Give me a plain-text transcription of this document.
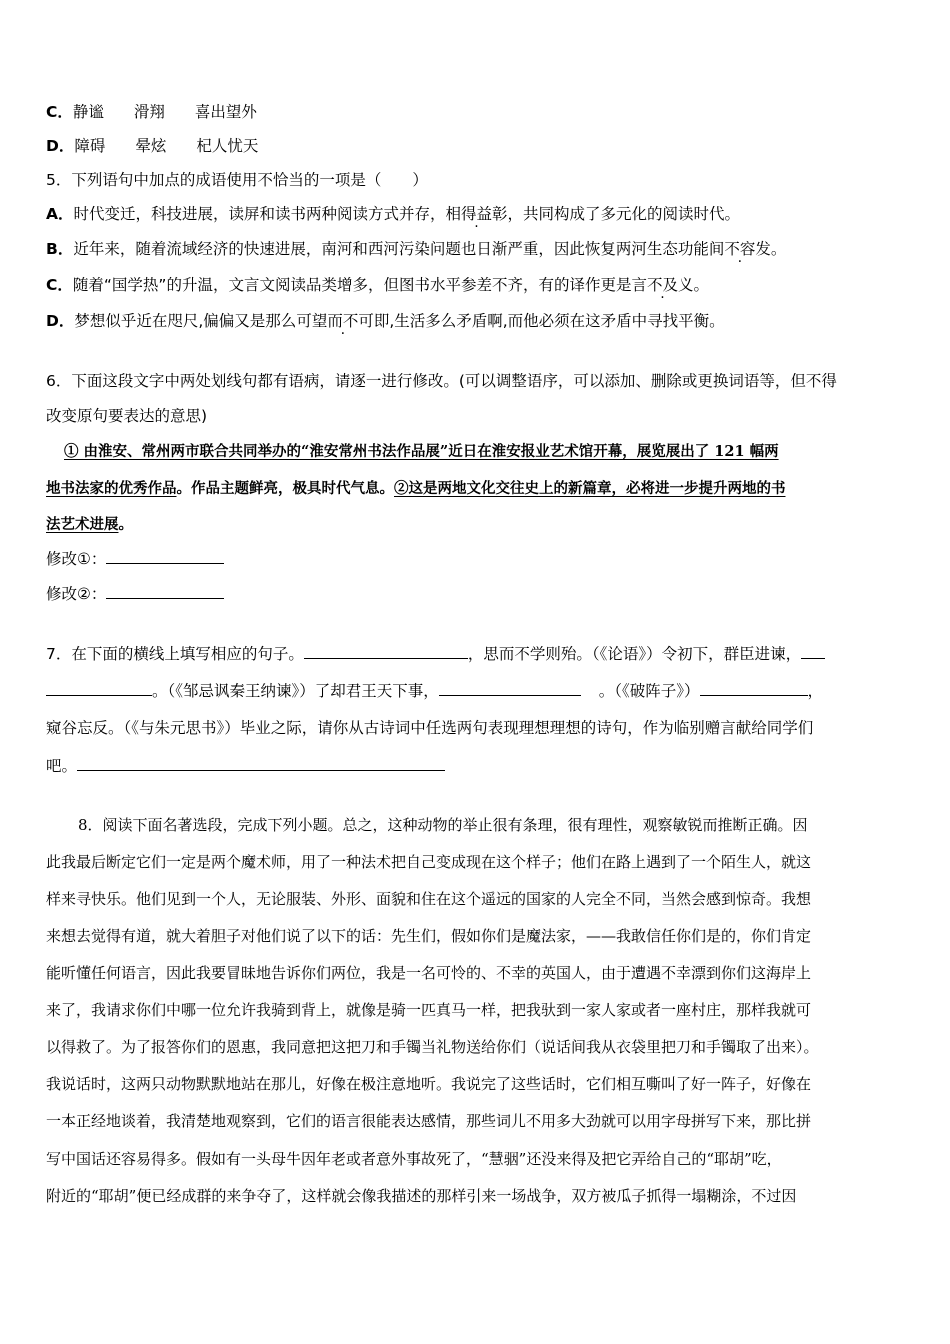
C．静谧 滑翔 喜出望外
D．障碍 晕炫 杞人忧天
5．下列语句中加点的成语使用不恰当的一项是（　　）
A．时代变迁，科技进展，读屏和读书两种阅读方式并存，相得益彰，共同构成了多元化的阅读时代。
B．近年来，随着流域经济的快速进展，南河和西河污染问题也日渐严重，因此恢复两河生态功能间不容发。
C．随着“国学热”的升温，文言文阅读品类增多，但图书水平参差不齐，有的译作更是言不及义。
D．梦想似乎近在咫尺,偏偏又是那么可望而不可即 ·,生活多么矛盾啊,而他必须在这矛盾中寻找平衡。
6．下面这段文字中两处划线句都有语病，请逐一进行修改。(可以调整语序，可以添加、删除或更换词语等，但不得
改变原句要表达的意思)
① 由淮安、常州两市联合共同举办的“淮安常州书法作品展”近日在淮安报业艺术馆开幕，展览展出了 121 幅两
地书法家的优秀作品。作品主题鲜亮，极具时代气息。②这是两地文化交往史上的新篇章，必将进一步提升两地的书
法艺术进展。
修改①：
修改②：
7．在下面的横线上填写相应的句子。	，思而不学则殆。（《论语》）令初下，群臣进谏，
。（《邹忌讽秦王纳谏》）了却君王天下事，	。（《破阵子》）	，
窥谷忘反。（《与朱元思书》）毕业之际，请你从古诗词中任选两句表现理想理想的诗句，作为临别赠言献给同学们
吧。
8．阅读下面名著选段，完成下列小题。总之，这种动物的举止很有条理，很有理性，观察敏锐而推断正确。因
此我最后断定它们一定是两个魔术师，用了一种法术把自己变成现在这个样子；他们在路上遇到了一个陌生人，就这
样来寻快乐。他们见到一个人，无论服装、外形、面貌和住在这个遥远的国家的人完全不同，当然会感到惊奇。我想
来想去觉得有道，就大着胆子对他们说了以下的话：先生们，假如你们是魔法家，——我敢信任你们是的，你们肯定
能听懂任何语言，因此我要冒昧地告诉你们两位，我是一名可怜的、不幸的英国人，由于遭遇不幸漂到你们这海岸上
来了，我请求你们中哪一位允许我骑到背上，就像是骑一匹真马一样，把我驮到一家人家或者一座村庄，那样我就可
以得救了。为了报答你们的恩惠，我同意把这把刀和手镯当礼物送给你们（说话间我从衣袋里把刀和手镯取了出来）。
我说话时，这两只动物默默地站在那儿，好像在极注意地听。我说完了这些话时，它们相互嘶叫了好一阵子，好像在
一本正经地谈着，我清楚地观察到，它们的语言很能表达感情，那些词儿不用多大劲就可以用字母拼写下来，那比拼
写中国话还容易得多。假如有一头母牛因年老或者意外事故死了，“慧骃”还没来得及把它弄给自己的“耶胡”吃，
附近的“耶胡”便已经成群的来争夺了，这样就会像我描述的那样引来一场战争，双方被瓜子抓得一塌糊涂，不过因
